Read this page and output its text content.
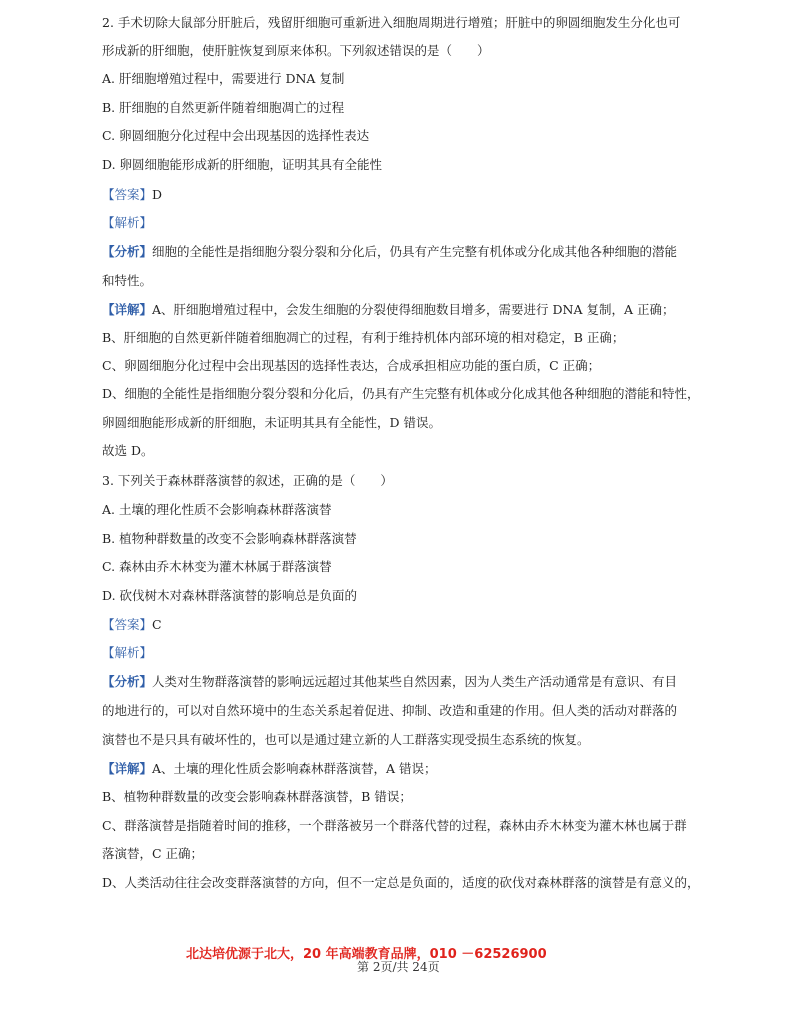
2. 手术切除大鼠部分肝脏后，残留肝细胞可重新进入细胞周期进行增殖；肝脏中的卵圆细胞发生分化也可
形成新的肝细胞，使肝脏恢复到原来体积。下列叙述错误的是（　　）
A. 肝细胞增殖过程中，需要进行 DNA 复制
B. 肝细胞的自然更新伴随着细胞凋亡的过程
C. 卵圆细胞分化过程中会出现基因的选择性表达
D. 卵圆细胞能形成新的肝细胞，证明其具有全能性
【答案】D
【解析】
【分析】细胞的全能性是指细胞分裂分裂和分化后，仍具有产生完整有机体或分化成其他各种细胞的潜能
和特性。
【详解】A、肝细胞增殖过程中，会发生细胞的分裂使得细胞数目增多，需要进行 DNA 复制，A 正确；
B、肝细胞的自然更新伴随着细胞凋亡的过程，有利于维持机体内部环境的相对稳定，B 正确；
C、卵圆细胞分化过程中会出现基因的选择性表达，合成承担相应功能的蛋白质，C 正确；
D、细胞的全能性是指细胞分裂分裂和分化后，仍具有产生完整有机体或分化成其他各种细胞的潜能和特性，
卵圆细胞能形成新的肝细胞，未证明其具有全能性，D 错误。
故选 D。
3. 下列关于森林群落演替的叙述，正确的是（　　）
A. 土壤的理化性质不会影响森林群落演替
B. 植物种群数量的改变不会影响森林群落演替
C. 森林由乔木林变为灌木林属于群落演替
D. 砍伐树木对森林群落演替的影响总是负面的
【答案】C
【解析】
【分析】人类对生物群落演替的影响远远超过其他某些自然因素，因为人类生产活动通常是有意识、有目
的地进行的，可以对自然环境中的生态关系起着促进、抑制、改造和重建的作用。但人类的活动对群落的
演替也不是只具有破坏性的，也可以是通过建立新的人工群落实现受损生态系统的恢复。
【详解】A、土壤的理化性质会影响森林群落演替，A 错误；
B、植物种群数量的改变会影响森林群落演替，B 错误；
C、群落演替是指随着时间的推移，一个群落被另一个群落代替的过程，森林由乔木林变为灌木林也属于群
落演替，C 正确；
D、人类活动往往会改变群落演替的方向，但不一定总是负面的，适度的砍伐对森林群落的演替是有意义的，
北达培优源于北大，20 年高端教育品牌，010 －62526900
第 2页/共 24页
